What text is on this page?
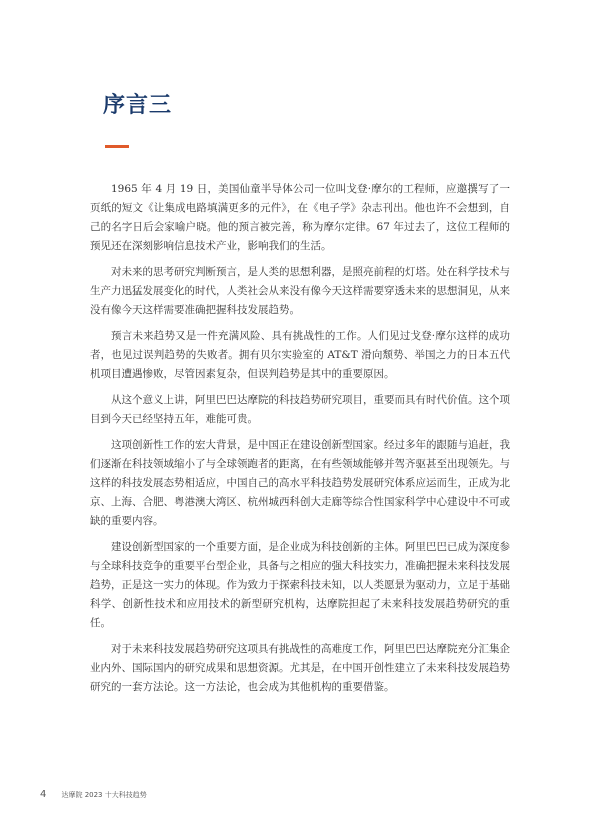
序言三

1965 年 4 月 19 日，美国仙童半导体公司一位叫戈登·摩尔的工程师，应邀撰写了一页纸的短文《让集成电路填满更多的元件》，在《电子学》杂志刊出。他也许不会想到，自己的名字日后会家喻户晓。他的预言被完善，称为摩尔定律。67 年过去了，这位工程师的预见还在深刻影响信息技术产业，影响我们的生活。

对未来的思考研究判断预言，是人类的思想利器，是照亮前程的灯塔。处在科学技术与生产力迅猛发展变化的时代，人类社会从来没有像今天这样需要穿透未来的思想洞见，从来没有像今天这样需要准确把握科技发展趋势。

预言未来趋势又是一件充满风险、具有挑战性的工作。人们见过戈登·摩尔这样的成功者，也见过误判趋势的失败者。拥有贝尔实验室的 AT&T 滑向颓势、举国之力的日本五代机项目遭遇惨败，尽管因素复杂，但误判趋势是其中的重要原因。

从这个意义上讲，阿里巴巴达摩院的科技趋势研究项目，重要而具有时代价值。这个项目到今天已经坚持五年，难能可贵。

这项创新性工作的宏大背景，是中国正在建设创新型国家。经过多年的跟随与追赶，我们逐渐在科技领域缩小了与全球领跑者的距离，在有些领域能够并驾齐驱甚至出现领先。与这样的科技发展态势相适应，中国自己的高水平科技趋势发展研究体系应运而生，正成为北京、上海、合肥、粤港澳大湾区、杭州城西科创大走廊等综合性国家科学中心建设中不可或缺的重要内容。

建设创新型国家的一个重要方面，是企业成为科技创新的主体。阿里巴巴已成为深度参与全球科技竞争的重要平台型企业，具备与之相应的强大科技实力，准确把握未来科技发展趋势，正是这一实力的体现。作为致力于探索科技未知，以人类愿景为驱动力，立足于基础科学、创新性技术和应用技术的新型研究机构，达摩院担起了未来科技发展趋势研究的重任。

对于未来科技发展趋势研究这项具有挑战性的高难度工作，阿里巴巴达摩院充分汇集企业内外、国际国内的研究成果和思想资源。尤其是，在中国开创性建立了未来科技发展趋势研究的一套方法论。这一方法论，也会成为其他机构的重要借鉴。

4 达摩院 2023 十大科技趋势
